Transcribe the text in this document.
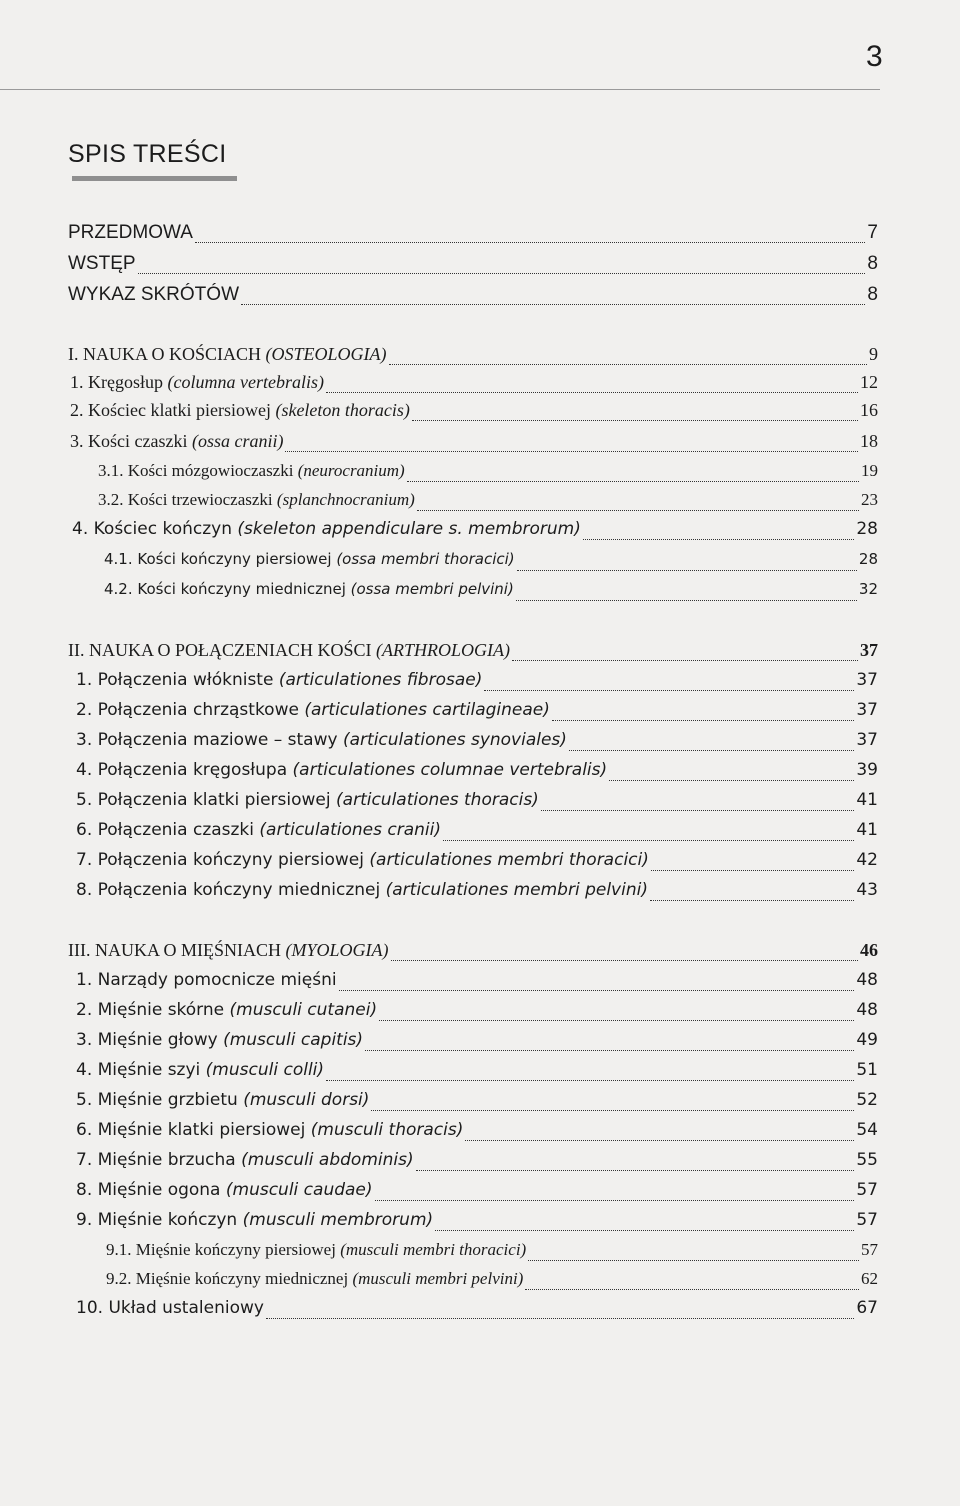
3
SPIS TREŚCI
PRZEDMOWA	7
WSTĘP	8
WYKAZ SKRÓTÓW	8
I. NAUKA O KOŚCIACH (OSTEOLOGIA)	9
1. Kręgosłup (columna vertebralis)	12
2. Kościec klatki piersiowej (skeleton thoracis)	16
3. Kości czaszki (ossa cranii)	18
3.1. Kości mózgowioczaszki (neurocranium)	19
3.2. Kości trzewioczaszki (splanchnocranium)	23
4. Kościec kończyn (skeleton appendiculare s. membrorum)	28
4.1. Kości kończyny piersiowej (ossa membri thoracici)	28
4.2. Kości kończyny miednicznej (ossa membri pelvini)	32
II. NAUKA O POŁĄCZENIACH KOŚCI (ARTHROLOGIA)	37
1. Połączenia włókniste (articulationes fibrosae)	37
2. Połączenia chrząstkowe (articulationes cartilagineae)	37
3. Połączenia maziowe – stawy (articulationes synoviales)	37
4. Połączenia kręgosłupa (articulationes columnae vertebralis)	39
5. Połączenia klatki piersiowej (articulationes thoracis)	41
6. Połączenia czaszki (articulationes cranii)	41
7. Połączenia kończyny piersiowej (articulationes membri thoracici)	42
8. Połączenia kończyny miednicznej (articulationes membri pelvini)	43
III. NAUKA O MIĘŚNIACH (MYOLOGIA)	46
1. Narządy pomocnicze mięśni	48
2. Mięśnie skórne (musculi cutanei)	48
3. Mięśnie głowy (musculi capitis)	49
4. Mięśnie szyi (musculi colli)	51
5. Mięśnie grzbietu (musculi dorsi)	52
6. Mięśnie klatki piersiowej (musculi thoracis)	54
7. Mięśnie brzucha (musculi abdominis)	55
8. Mięśnie ogona (musculi caudae)	57
9. Mięśnie kończyn (musculi membrorum)	57
9.1. Mięśnie kończyny piersiowej (musculi membri thoracici)	57
9.2. Mięśnie kończyny miednicznej (musculi membri pelvini)	62
10. Układ ustaleniowy	67
